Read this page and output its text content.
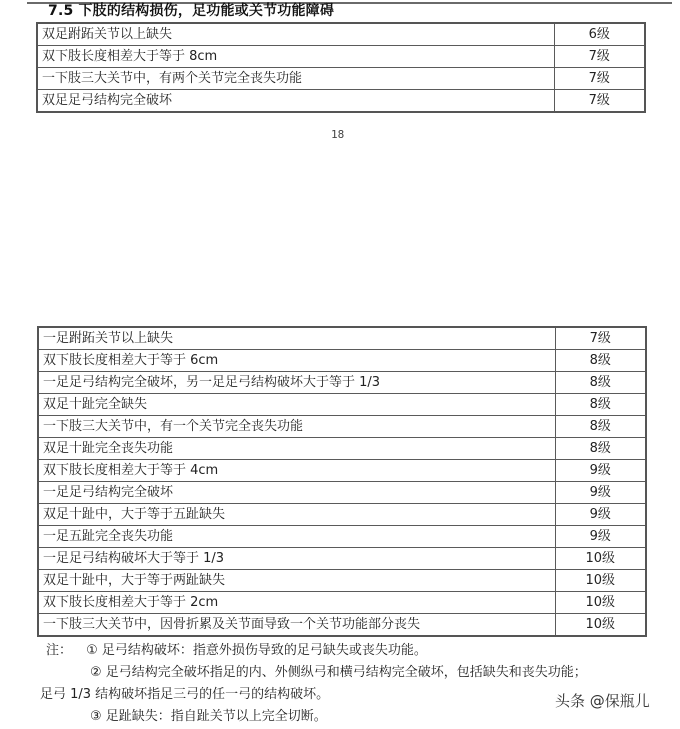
7.5 下肢的结构损伤，足功能或关节功能障碍
双足跗跖关节以上缺失	6级
双下肢长度相差大于等于 8cm	7级
一下肢三大关节中，有两个关节完全丧失功能	7级
双足足弓结构完全破坏	7级
18
一足跗跖关节以上缺失	7级
双下肢长度相差大于等于 6cm	8级
一足足弓结构完全破坏，另一足足弓结构破坏大于等于 1/3	8级
双足十趾完全缺失	8级
一下肢三大关节中，有一个关节完全丧失功能	8级
双足十趾完全丧失功能	8级
双下肢长度相差大于等于 4cm	9级
一足足弓结构完全破坏	9级
双足十趾中，大于等于五趾缺失	9级
一足五趾完全丧失功能	9级
一足足弓结构破坏大于等于 1/3	10级
双足十趾中，大于等于两趾缺失	10级
双下肢长度相差大于等于 2cm	10级
一下肢三大关节中，因骨折累及关节面导致一个关节功能部分丧失	10级
注： ① 足弓结构破坏：指意外损伤导致的足弓缺失或丧失功能。
② 足弓结构完全破坏指足的内、外侧纵弓和横弓结构完全破坏，包括缺失和丧失功能；
足弓 1/3 结构破坏指足三弓的任一弓的结构破坏。
③ 足趾缺失：指自趾关节以上完全切断。
头条 @保瓶儿
